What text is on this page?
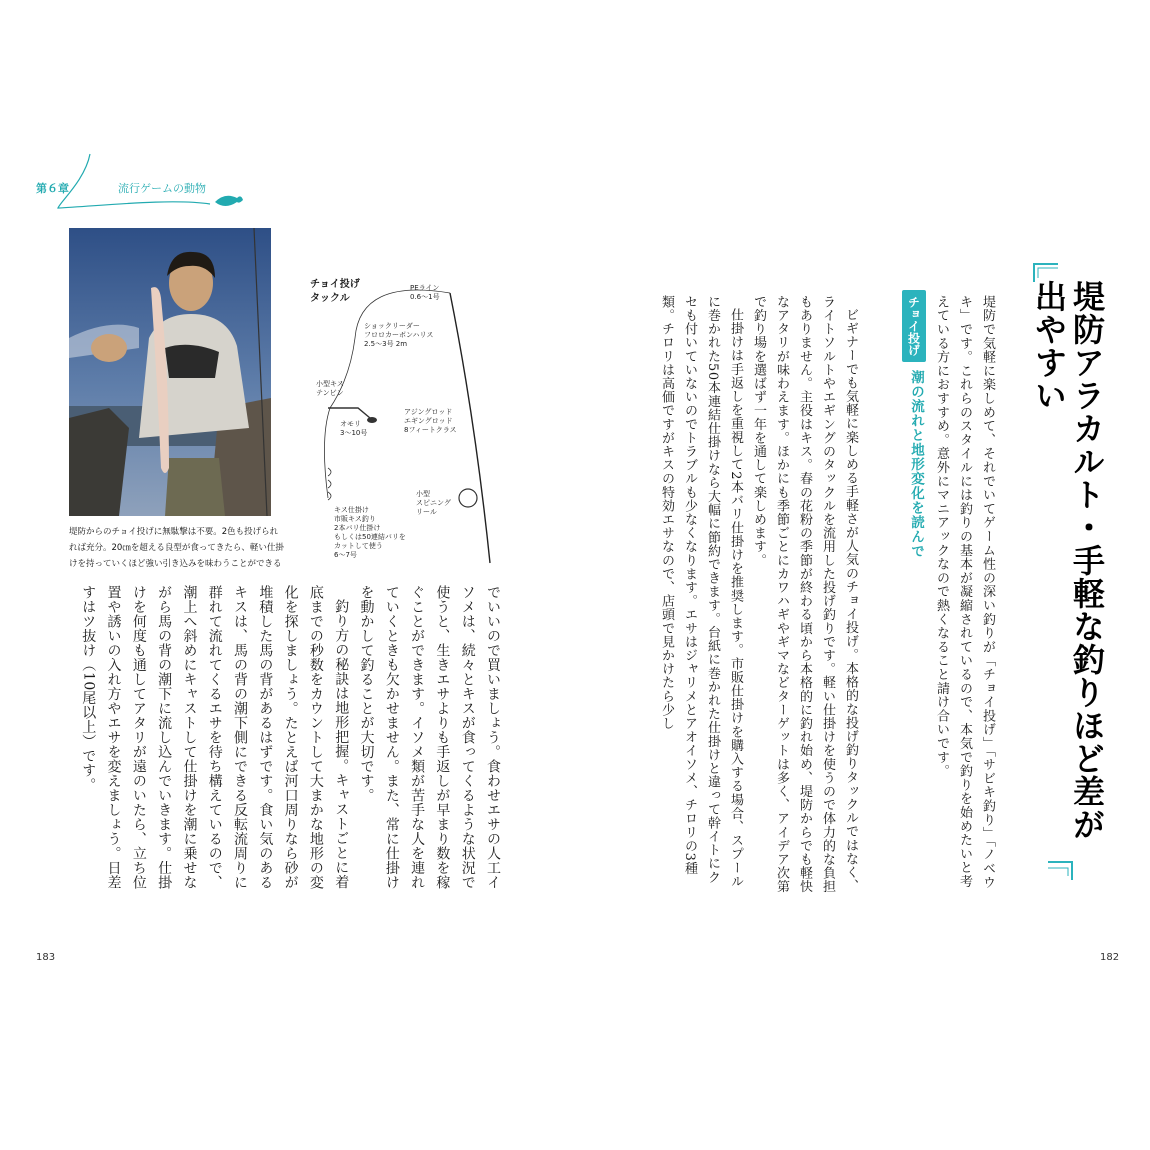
第６章	流行ゲームの動物
堤防からのチョイ投げに無駄撃は不要。2色も投げられれば充分。20㎝を超える良型が食ってきたら、軽い仕掛けを持っていくほど強い引き込みを味わうことができる
チョイ投げ
タックル
PEライン
0.6～1号
ショックリーダー
フロロカーボンハリス
2.5～3号 2m
小型キス
テンビン
アジングロッド
エギングロッド
8フィートクラス
オモリ
3～10号
小型
スピニング
リール
キス仕掛け
市販キス釣り
2本バリ仕掛け
もしくは50連結バリを
カットして使う
6～7号

でいいので買いましょう。食わせエサの人工イソメは、続々とキスが食ってくるような状況で使うと、生きエサよりも手返しが早まり数を稼ぐことができます。イソメ類が苦手な人を連れていくときも欠かせません。また、常に仕掛けを動かして釣ることが大切です。

釣り方の秘訣は地形把握。キャストごとに着底までの秒数をカウントして大まかな地形の変化を探しましょう。たとえば河口周りなら砂が堆積した馬の背があるはずです。食い気のあるキスは、馬の背の潮下側にできる反転流周りに群れて流れてくるエサを待ち構えているので、潮上へ斜めにキャストして仕掛けを潮に乗せながら馬の背の潮下に流し込んでいきます。仕掛けを何度も通してアタリが遠のいたら、立ち位置や誘いの入れ方やエサを変えましょう。日差すはツ抜け（10尾以上）です。

183
堤防アラカルト・手軽な釣りほど差が出やすい
堤防で気軽に楽しめて、それでいてゲーム性の深い釣りが「チョイ投げ」「サビキ釣り」「ノベウキ」です。これらのスタイルには釣りの基本が凝縮されているので、本気で釣りを始めたいと考えている方におすすめ。意外にマニアックなので熱くなること請け合いです。
チョイ投げ
潮の流れと地形変化を読んで

ビギナーでも気軽に楽しめる手軽さが人気のチョイ投げ。本格的な投げ釣りタックルではなく、ライトソルトやエギングのタックルを流用した投げ釣りです。軽い仕掛けを使うので体力的な負担もありません。主役はキス。春の花粉の季節が終わる頃から本格的に釣れ始め、堤防からでも軽快なアタリが味わえます。ほかにも季節ごとにカワハギやギマなどターゲットは多く、アイデア次第で釣り場を選ばず一年を通して楽しめます。

仕掛けは手返しを重視して2本バリ仕掛けを推奨します。市販仕掛けを購入する場合、スプールに巻かれた50本連結仕掛けなら大幅に節約できます。台紙に巻かれた仕掛けと違って幹イトにクセも付いていないのでトラブルも少なくなります。エサはジャリメとアオイソメ、チロリの3種類。チロリは高価ですがキスの特効エサなので、店頭で見かけたら少し

182
